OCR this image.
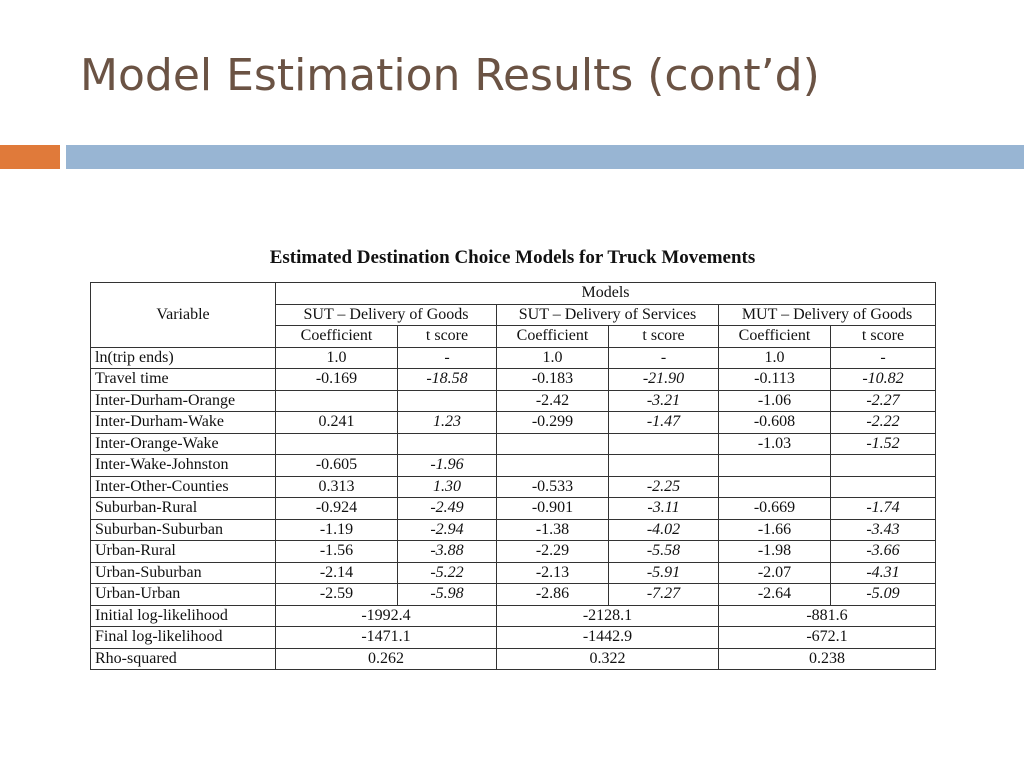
Model Estimation Results (cont’d)
Estimated Destination Choice Models for Truck Movements
Variable	Models					
	SUT – Delivery of Goods		SUT – Delivery of Services		MUT – Delivery of Goods	
	Coefficient	t score	Coefficient	t score	Coefficient	t score
ln(trip ends)	1.0	-	1.0	-	1.0	-
Travel time	-0.169	-18.58	-0.183	-21.90	-0.113	-10.82
Inter-Durham-Orange			-2.42	-3.21	-1.06	-2.27
Inter-Durham-Wake	0.241	1.23	-0.299	-1.47	-0.608	-2.22
Inter-Orange-Wake					-1.03	-1.52
Inter-Wake-Johnston	-0.605	-1.96				
Inter-Other-Counties	0.313	1.30	-0.533	-2.25		
Suburban-Rural	-0.924	-2.49	-0.901	-3.11	-0.669	-1.74
Suburban-Suburban	-1.19	-2.94	-1.38	-4.02	-1.66	-3.43
Urban-Rural	-1.56	-3.88	-2.29	-5.58	-1.98	-3.66
Urban-Suburban	-2.14	-5.22	-2.13	-5.91	-2.07	-4.31
Urban-Urban	-2.59	-5.98	-2.86	-7.27	-2.64	-5.09
Initial log-likelihood	-1992.4		-2128.1		-881.6	
Final log-likelihood	-1471.1		-1442.9		-672.1	
Rho-squared	0.262		0.322		0.238	
